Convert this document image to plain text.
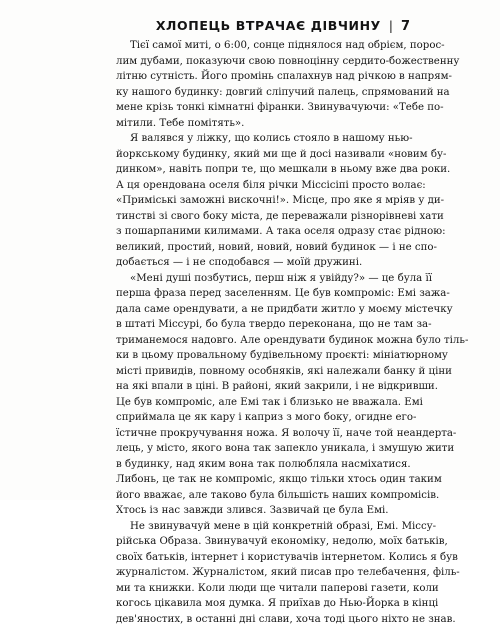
ХЛОПЕЦЬ ВТРАЧАЄ ДІВЧИНУ | 7
Тієї самої миті, о 6:00, сонце піднялося над обрієм, порос-
лим дубами, показуючи свою повноцінну сердито-божественну
літню сутність. Його промінь спалахнув над річкою в напрям-
ку нашого будинку: довгий сліпучий палець, спрямований на
мене крізь тонкі кімнатні фіранки. Звинувачуючи: «Тебе по-
мітили. Тебе помітять».
Я валявся у ліжку, що колись стояло в нашому нью-
йоркському будинку, який ми ще й досі називали «новим бу-
динком», навіть попри те, що мешкали в ньому вже два роки.
А ця орендована оселя біля річки Міссісіпі просто волає:
«Приміські заможні вискочні!». Місце, про яке я мріяв у ди-
тинстві зі свого боку міста, де переважали різнорівневі хати
з пошарпаними килимами. А така оселя одразу стає рідною:
великий, простий, новий, новий, новий будинок — і не спо-
добається — і не сподобався — моїй дружині.
«Мені душі позбутись, перш ніж я увійду?» — це була її
перша фраза перед заселенням. Це був компроміс: Емі зажа-
дала саме орендувати, а не придбати житло у моєму містечку
в штаті Міссурі, бо була твердо переконана, що не там за-
триманемося надовго. Але орендувати будинок можна було тіль-
ки в цьому провальному будівельному проєкті: мініатюрному
місті привидів, повному особняків, які належали банку й ціни
на які впали в ціні. В районі, який закрили, і не відкривши.
Це був компроміс, але Емі так і близько не вважала. Емі
сприймала це як кару і каприз з мого боку, огидне его-
їстичне прокручування ножа. Я волочу її, наче той неандерта-
лець, у місто, якого вона так запекло уникала, і змушую жити
в будинку, над яким вона так полюбляла насміхатися.
Либонь, це так не компроміс, якщо тільки хтось один таким
його вважає, але таково була більшість наших компромісів.
Хтось із нас завжди злився. Зазвичай це була Емі.
Не звинувачуй мене в цій конкретній образі, Емі. Міссу-
рійська Образа. Звинувачуй економіку, недолю, моїх батьків,
своїх батьків, інтернет і користувачів інтернетом. Колись я був
журналістом. Журналістом, який писав про телебачення, філь-
ми та книжки. Коли люди ще читали паперові газети, коли
когось цікавила моя думка. Я приїхав до Нью-Йорка в кінці
дев'яностих, в останні дні слави, хоча тоді цього ніхто не знав.
